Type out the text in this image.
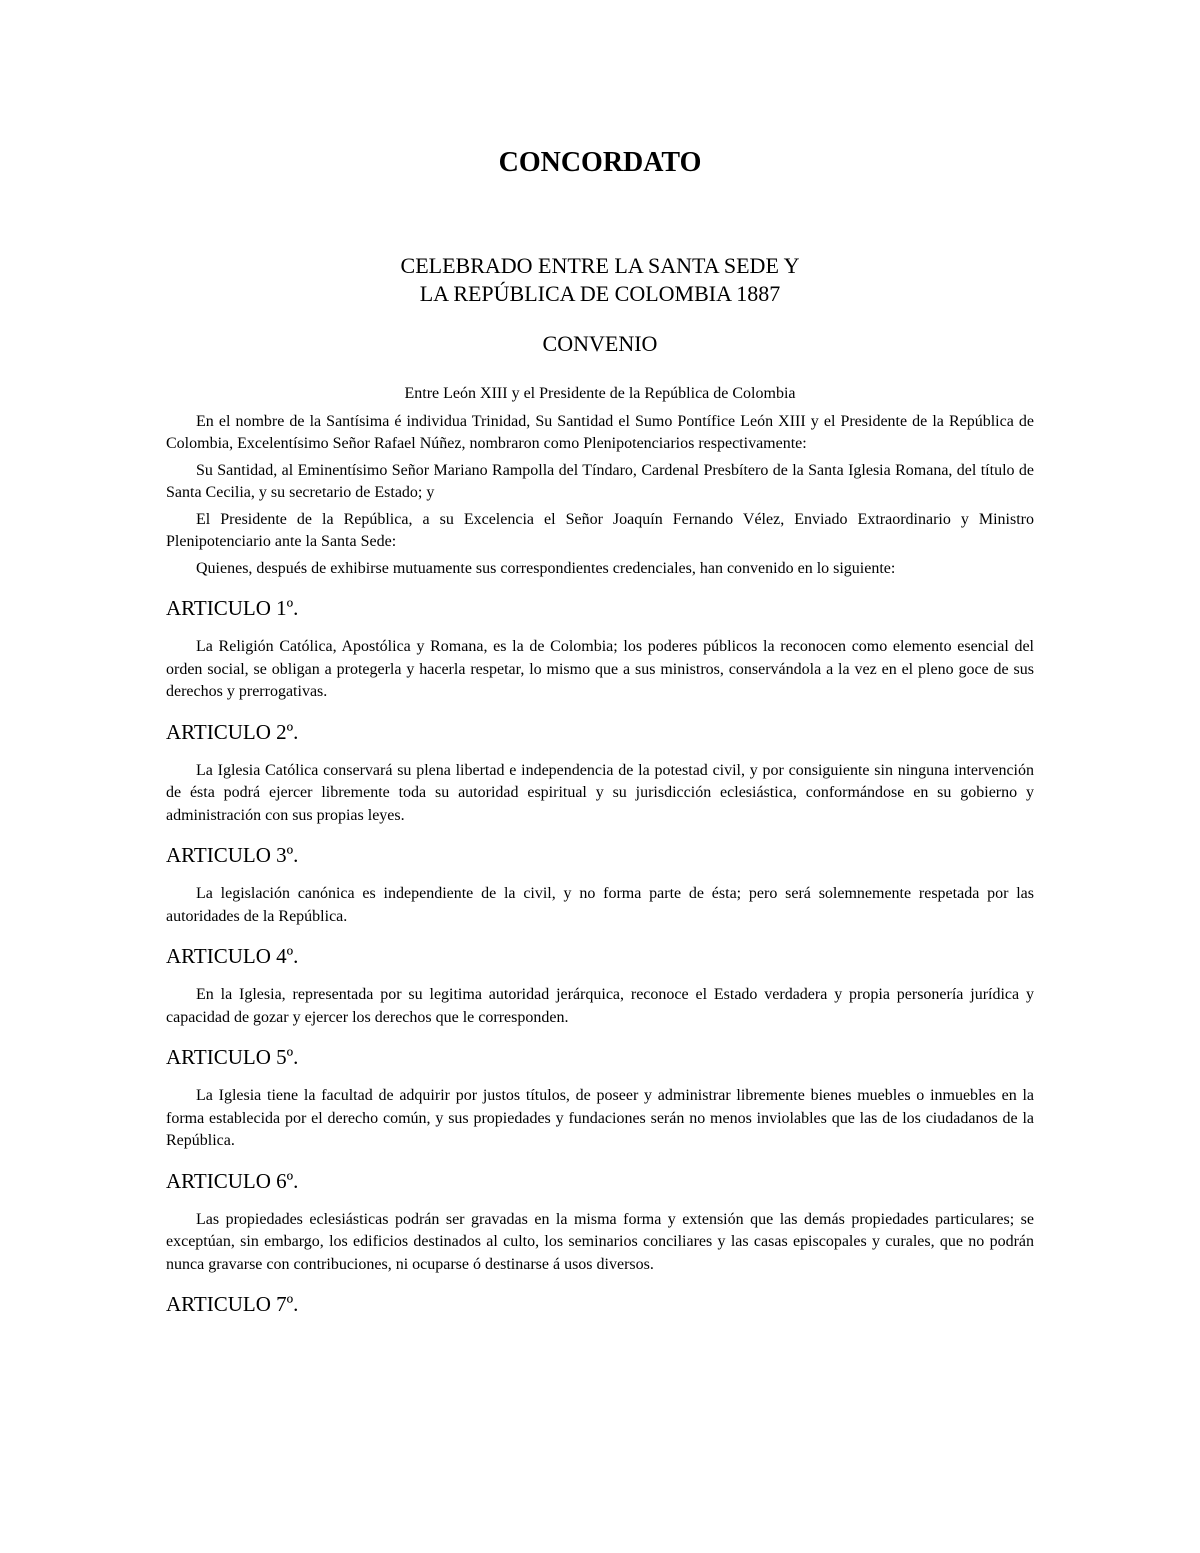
CONCORDATO
CELEBRADO ENTRE LA SANTA SEDE Y
LA REPÚBLICA DE COLOMBIA 1887
CONVENIO

Entre León XIII y el Presidente de la República de Colombia

En el nombre de la Santísima é individua Trinidad, Su Santidad el Sumo Pontífice León XIII y el Presidente de la República de Colombia, Excelentísimo Señor Rafael Núñez, nombraron como Plenipotenciarios respectivamente:

Su Santidad, al Eminentísimo Señor Mariano Rampolla del Tíndaro, Cardenal Presbítero de la Santa Iglesia Romana, del título de Santa Cecilia, y su secretario de Estado; y

El Presidente de la República, a su Excelencia el Señor Joaquín Fernando Vélez, Enviado Extraordinario y Ministro Plenipotenciario ante la Santa Sede:

Quienes, después de exhibirse mutuamente sus correspondientes credenciales, han convenido en lo siguiente:

ARTICULO 1º.

La Religión Católica, Apostólica y Romana, es la de Colombia; los poderes públicos la reconocen como elemento esencial del orden social, se obligan a protegerla y hacerla respetar, lo mismo que a sus ministros, conservándola a la vez en el pleno goce de sus derechos y prerrogativas.

ARTICULO 2º.

La Iglesia Católica conservará su plena libertad e independencia de la potestad civil, y por consiguiente sin ninguna intervención de ésta podrá ejercer libremente toda su autoridad espiritual y su jurisdicción eclesiástica, conformándose en su gobierno y administración con sus propias leyes.

ARTICULO 3º.

La legislación canónica es independiente de la civil, y no forma parte de ésta; pero será solemnemente respetada por las autoridades de la República.

ARTICULO 4º.

En la Iglesia, representada por su legitima autoridad jerárquica, reconoce el Estado verdadera y propia personería jurídica y capacidad de gozar y ejercer los derechos que le corresponden.

ARTICULO 5º.

La Iglesia tiene la facultad de adquirir por justos títulos, de poseer y administrar libremente bienes muebles o inmuebles en la forma establecida por el derecho común, y sus propiedades y fundaciones serán no menos inviolables que las de los ciudadanos de la República.

ARTICULO 6º.

Las propiedades eclesiásticas podrán ser gravadas en la misma forma y extensión que las demás propiedades particulares; se exceptúan, sin embargo, los edificios destinados al culto, los seminarios conciliares y las casas episcopales y curales, que no podrán nunca gravarse con contribuciones, ni ocuparse ó destinarse á usos diversos.

ARTICULO 7º.
